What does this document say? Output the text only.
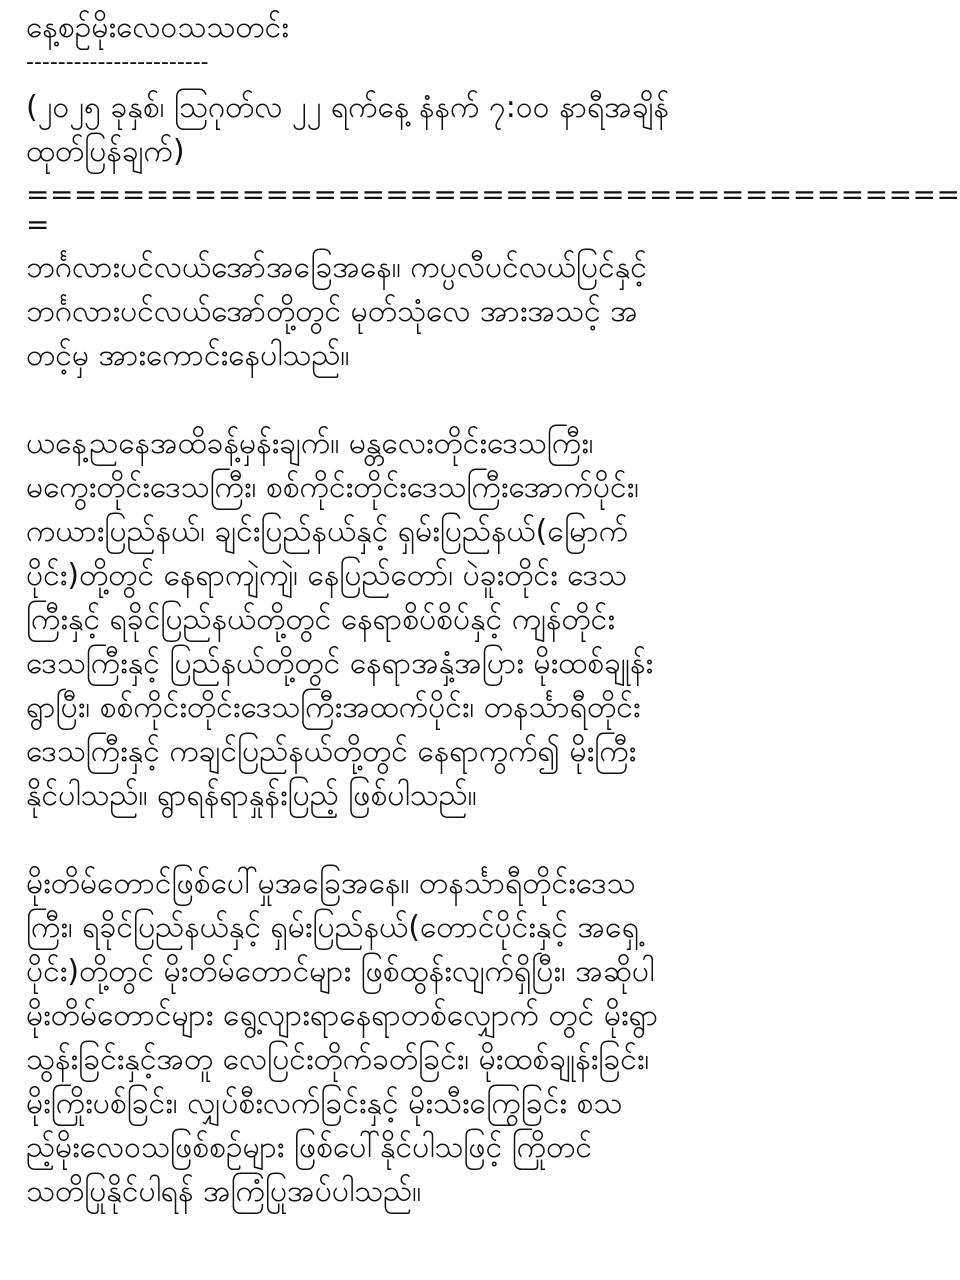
နေ့စဉ်မိုးလေဝသသတင်း
-----------------------
(၂၀၂၅ ခုနှစ်၊ သြဂုတ်လ ၂၂ ရက်နေ့ နံနက် ၇:၀၀ နာရီအချိန်
ထုတ်ပြန်ချက်)
=======================================
=
ဘင်္ဂလားပင်လယ်အော်အခြေအနေ။ ကပ္ပလီပင်လယ်ပြင်နှင့်
ဘင်္ဂလားပင်လယ်အော်တို့တွင် မုတ်သုံလေ အားအသင့် အ
တင့်မှ အားကောင်းနေပါသည်။
ယနေ့ညနေအထိခန့်မှန်းချက်။ မန္တလေးတိုင်းဒေသကြီး၊
မကွေးတိုင်းဒေသကြီး၊ စစ်ကိုင်းတိုင်းဒေသကြီးအောက်ပိုင်း၊
ကယားပြည်နယ်၊ ချင်းပြည်နယ်နှင့် ရှမ်းပြည်နယ်(မြောက်
ပိုင်း)တို့တွင် နေရာကျဲကျဲ၊ နေပြည်တော်၊ ပဲခူးတိုင်း ဒေသ
ကြီးနှင့် ရခိုင်ပြည်နယ်တို့တွင် နေရာစိပ်စိပ်နှင့် ကျန်တိုင်း
ဒေသကြီးနှင့် ပြည်နယ်တို့တွင် နေရာအနှံ့အပြား မိုးထစ်ချုန်း
ရွာပြီး၊ စစ်ကိုင်းတိုင်းဒေသကြီးအထက်ပိုင်း၊ တနင်္သာရီတိုင်း
ဒေသကြီးနှင့် ကချင်ပြည်နယ်တို့တွင် နေရာကွက်၍ မိုးကြီး
နိုင်ပါသည်။ ရွာရန်ရာနှုန်းပြည့် ဖြစ်ပါသည်။
မိုးတိမ်တောင်ဖြစ်ပေါ်မှုအခြေအနေ။ တနင်္သာရီတိုင်းဒေသ
ကြီး၊ ရခိုင်ပြည်နယ်နှင့် ရှမ်းပြည်နယ်(တောင်ပိုင်းနှင့် အရှေ့
ပိုင်း)တို့တွင် မိုးတိမ်တောင်များ ဖြစ်ထွန်းလျက်ရှိပြီး၊ အဆိုပါ
မိုးတိမ်တောင်များ ရွေ့လျားရာနေရာတစ်လျှောက် တွင် မိုးရွာ
သွန်းခြင်းနှင့်အတူ လေပြင်းတိုက်ခတ်ခြင်း၊ မိုးထစ်ချုန်းခြင်း၊
မိုးကြိုးပစ်ခြင်း၊ လျှပ်စီးလက်ခြင်းနှင့် မိုးသီးကြွေခြင်း စသ
ည့်မိုးလေဝသဖြစ်စဉ်များ ဖြစ်ပေါ်နိုင်ပါသဖြင့် ကြိုတင်
သတိပြုနိုင်ပါရန် အကြံပြုအပ်ပါသည်။
